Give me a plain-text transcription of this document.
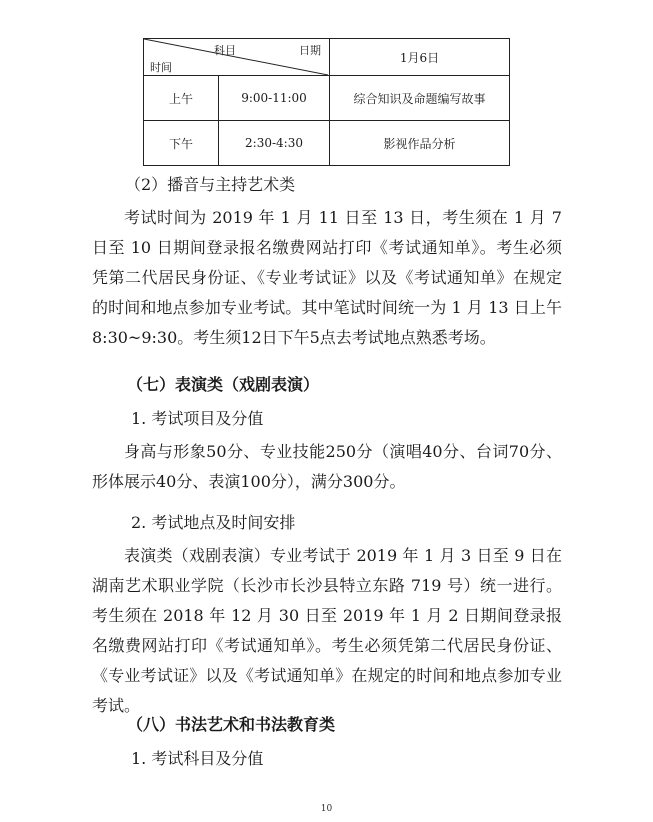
科目 日期
时间		1月6日
上午	9:00-11:00	综合知识及命题编写故事
下午	2:30-4:30	影视作品分析

（2）播音与主持艺术类

考试时间为 2019 年 1 月 11 日至 13 日，考生须在 1 月 7 日至 10 日期间登录报名缴费网站打印《考试通知单》。考生必须凭第二代居民身份证、《专业考试证》以及《考试通知单》在规定的时间和地点参加专业考试。其中笔试时间统一为 1 月 13 日上午 8:30~9:30。考生须12日下午5点去考试地点熟悉考场。

（七）表演类（戏剧表演）

1. 考试项目及分值

身高与形象50分、专业技能250分（演唱40分、台词70分、形体展示40分、表演100分），满分300分。

2. 考试地点及时间安排

表演类（戏剧表演）专业考试于 2019 年 1 月 3 日至 9 日在湖南艺术职业学院（长沙市长沙县特立东路 719 号）统一进行。考生须在 2018 年 12 月 30 日至 2019 年 1 月 2 日期间登录报名缴费网站打印《考试通知单》。考生必须凭第二代居民身份证、《专业考试证》以及《考试通知单》在规定的时间和地点参加专业考试。

（八）书法艺术和书法教育类

1. 考试科目及分值

10
